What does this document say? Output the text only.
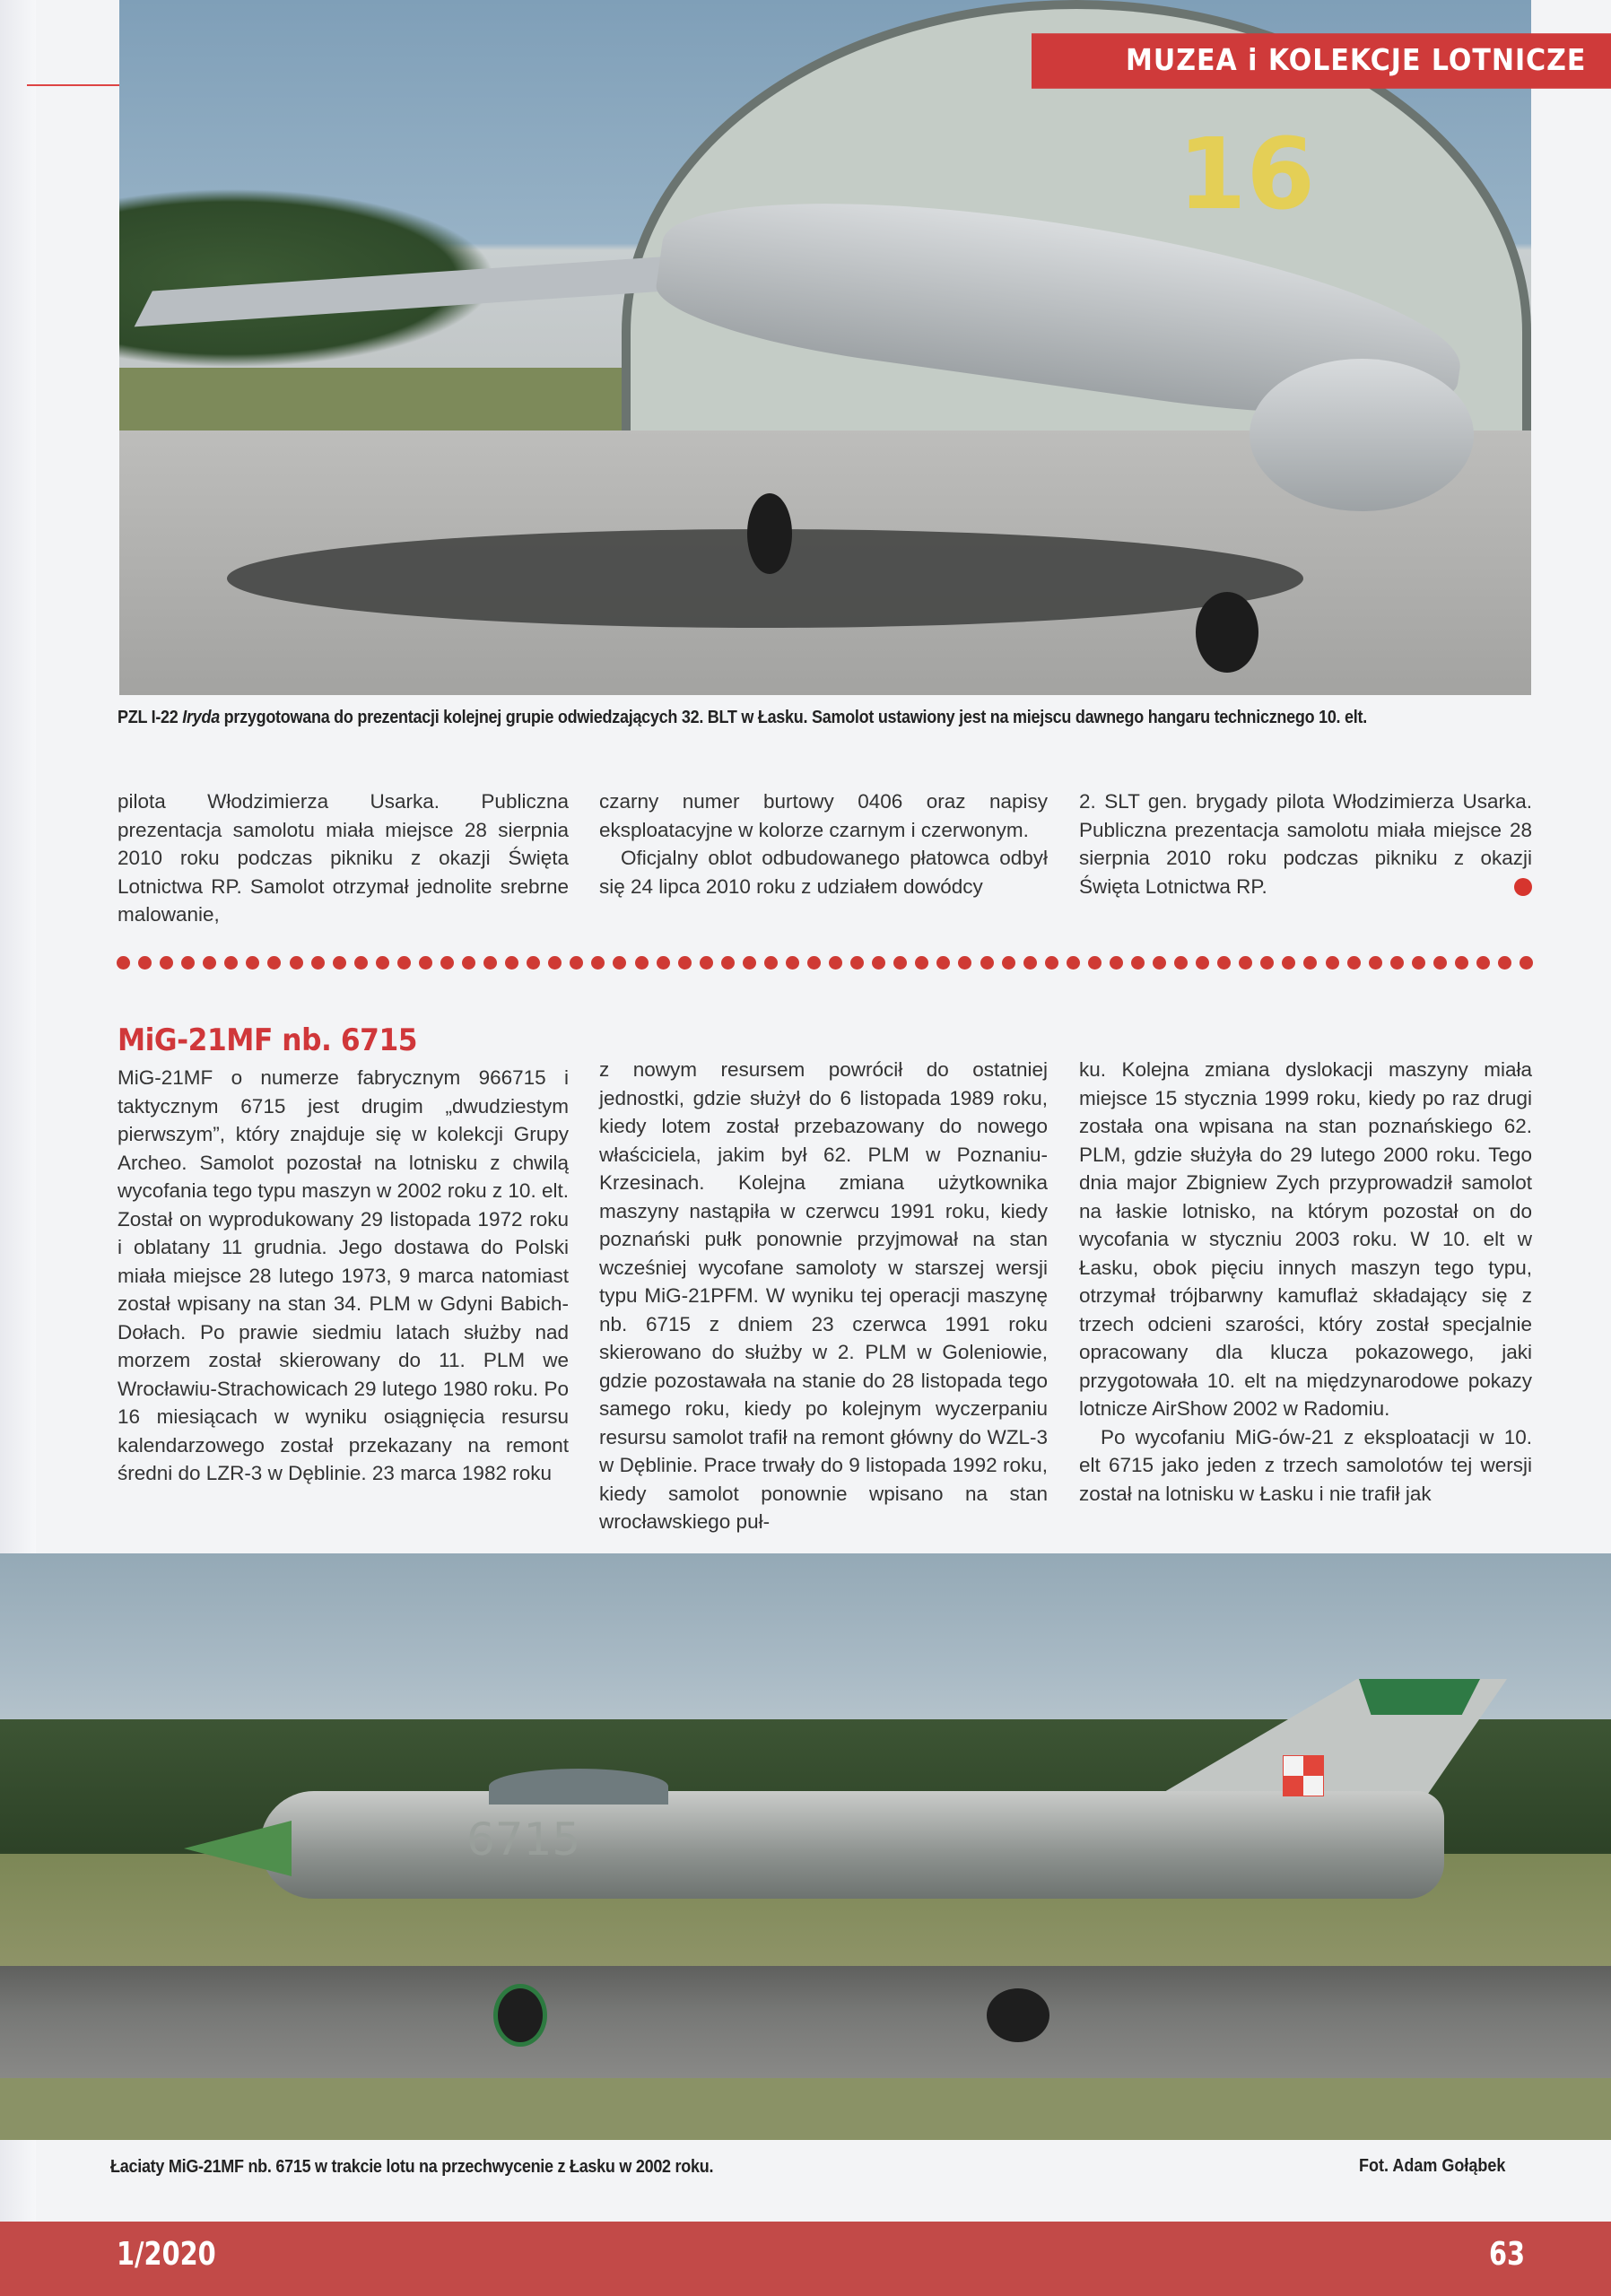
16
MUZEA i KOLEKCJE LOTNICZE
PZL I-22 Iryda przygotowana do prezentacji kolejnej grupie odwiedzających 32. BLT w Łasku. Samolot ustawiony jest na miejscu dawnego hangaru technicznego 10. elt.

pilota Włodzimierza Usarka. Publiczna prezentacja samolotu miała miejsce 28 sierpnia 2010 roku podczas pikniku z okazji Święta Lotnictwa RP. Samolot otrzymał jednolite srebrne malowanie,

czarny numer burtowy 0406 oraz napisy eksploatacyjne w kolorze czarnym i czerwonym.

Oficjalny oblot odbudowanego płatowca odbył się 24 lipca 2010 roku z udziałem dowódcy

2. SLT gen. brygady pilota Włodzimierza Usarka. Publiczna prezentacja samolotu miała miejsce 28 sierpnia 2010 roku podczas pikniku z okazji Święta Lotnictwa RP.

MiG-21MF nb. 6715

MiG-21MF o numerze fabrycznym 966715 i taktycznym 6715 jest drugim „dwudziestym pierwszym”, który znajduje się w kolekcji Grupy Archeo. Samolot pozostał na lotnisku z chwilą wycofania tego typu maszyn w 2002 roku z 10. elt. Został on wyprodukowany 29 listopada 1972 roku i oblatany 11 grudnia. Jego dostawa do Polski miała miejsce 28 lutego 1973, 9 marca natomiast został wpisany na stan 34. PLM w Gdyni Babich-Dołach. Po prawie siedmiu latach służby nad morzem został skierowany do 11. PLM we Wrocławiu-Strachowicach 29 lutego 1980 roku. Po 16 miesiącach w wyniku osiągnięcia resursu kalendarzowego został przekazany na remont średni do LZR-3 w Dęblinie. 23 marca 1982 roku

z nowym resursem powrócił do ostatniej jednostki, gdzie służył do 6 listopada 1989 roku, kiedy lotem został przebazowany do nowego właściciela, jakim był 62. PLM w Poznaniu-Krzesinach. Kolejna zmiana użytkownika maszyny nastąpiła w czerwcu 1991 roku, kiedy poznański pułk ponownie przyjmował na stan wcześniej wycofane samoloty w starszej wersji typu MiG-21PFM. W wyniku tej operacji maszynę nb. 6715 z dniem 23 czerwca 1991 roku skierowano do służby w 2. PLM w Goleniowie, gdzie pozostawała na stanie do 28 listopada tego samego roku, kiedy po kolejnym wyczerpaniu resursu samolot trafił na remont główny do WZL-3 w Dęblinie. Prace trwały do 9 listopada 1992 roku, kiedy samolot ponownie wpisano na stan wrocławskiego puł-

ku. Kolejna zmiana dyslokacji maszyny miała miejsce 15 stycznia 1999 roku, kiedy po raz drugi została ona wpisana na stan poznańskiego 62. PLM, gdzie służyła do 29 lutego 2000 roku. Tego dnia major Zbigniew Zych przyprowadził samolot na łaskie lotnisko, na którym pozostał on do wycofania w styczniu 2003 roku. W 10. elt w Łasku, obok pięciu innych maszyn tego typu, otrzymał trójbarwny kamuflaż składający się z trzech odcieni szarości, który został specjalnie opracowany dla klucza pokazowego, jaki przygotowała 10. elt na międzynarodowe pokazy lotnicze AirShow 2002 w Radomiu.

Po wycofaniu MiG-ów-21 z eksploatacji w 10. elt 6715 jako jeden z trzech samolotów tej wersji został na lotnisku w Łasku i nie trafił jak

6715
Łaciaty MiG-21MF nb. 6715 w trakcie lotu na przechwycenie z Łasku w 2002 roku.	Fot. Adam Gołąbek
1/2020	63
